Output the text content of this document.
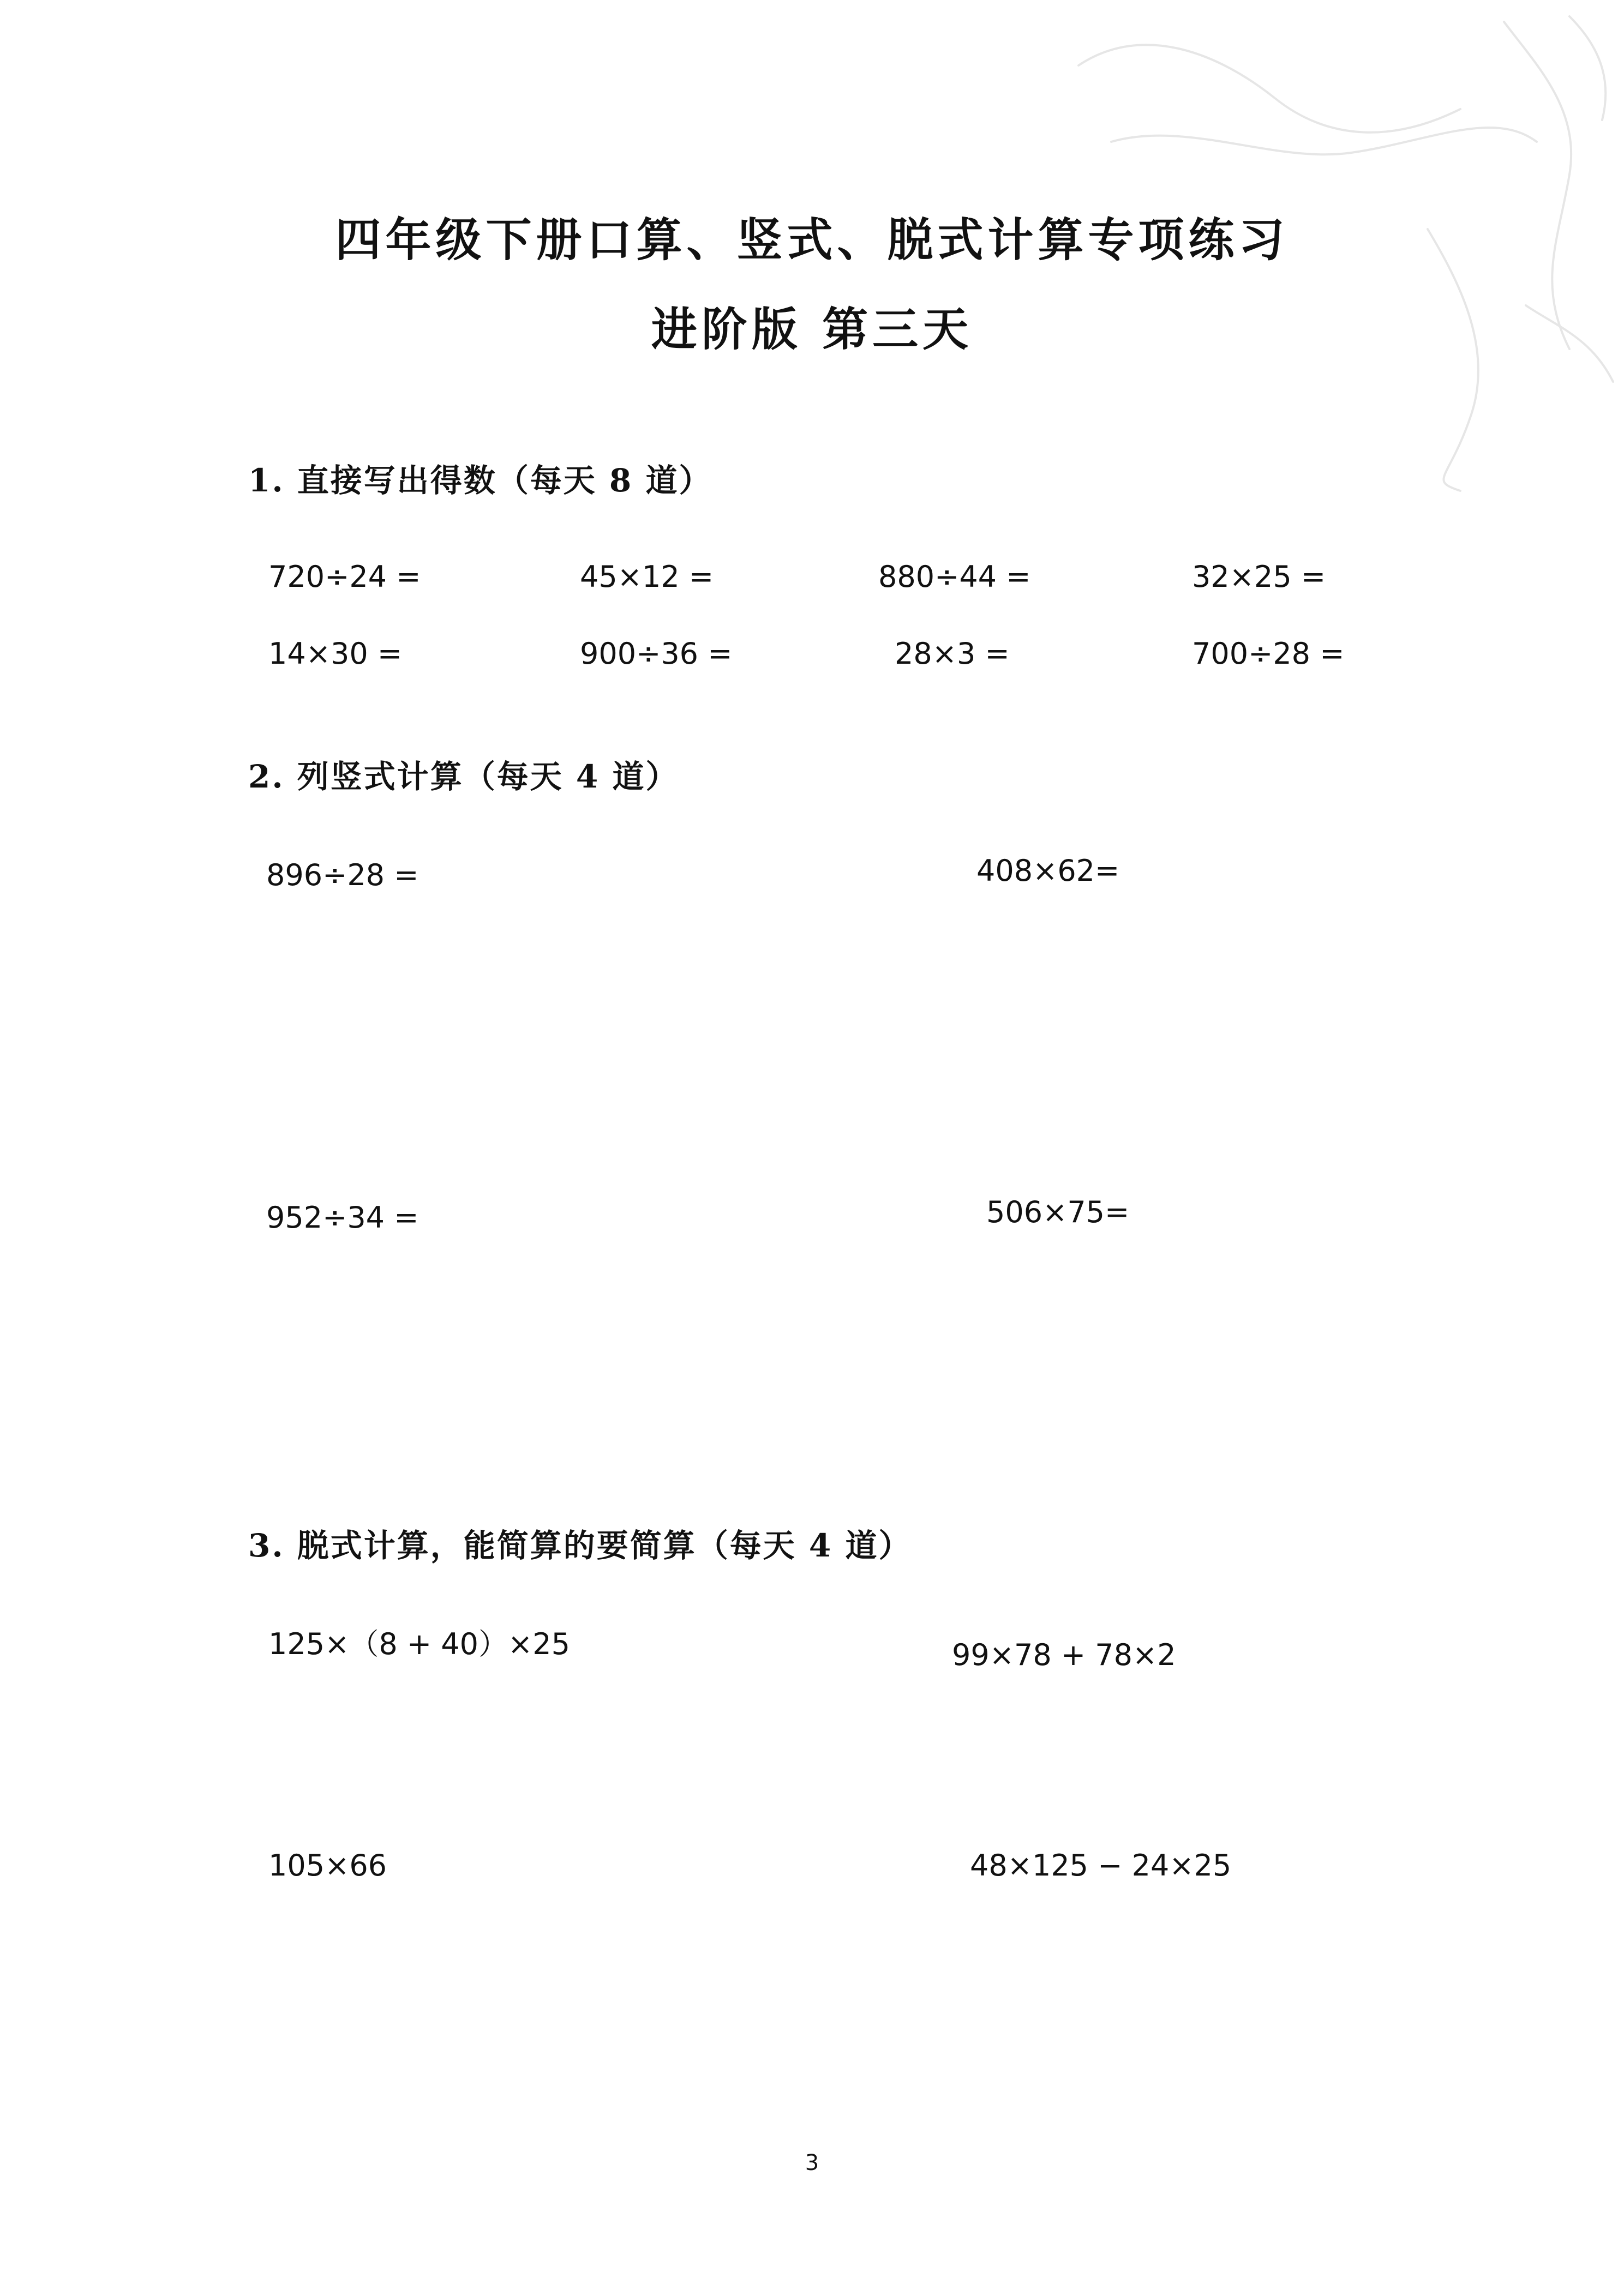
四年级下册口算、竖式、脱式计算专项练习
进阶版 第三天
1. 直接写出得数（每天 8 道）
720÷24 =	45×12 =	880÷44 =	32×25 =
14×30 =	900÷36 =	28×3 =	700÷28 =
2. 列竖式计算（每天 4 道）
896÷28 =	408×62=
952÷34 =	506×75=
3. 脱式计算，能简算的要简算（每天 4 道）
125×（8 + 40）×25	99×78 + 78×2
105×66	48×125 − 24×25
3
